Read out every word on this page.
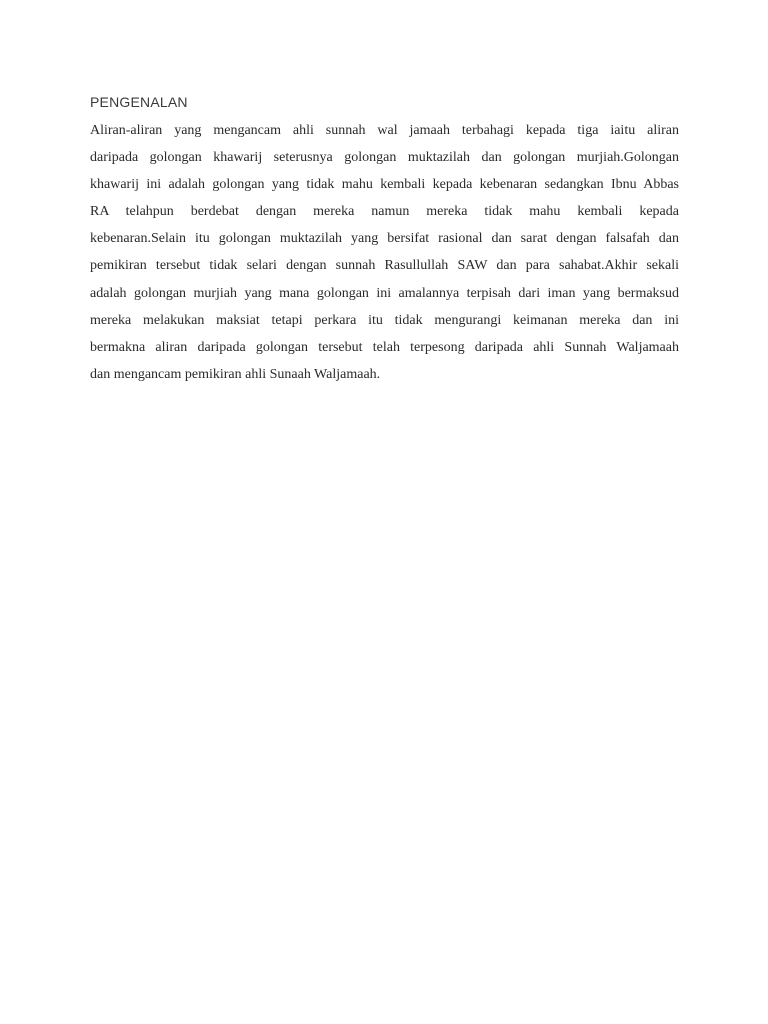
PENGENALAN
Aliran-aliran yang mengancam ahli sunnah wal jamaah terbahagi kepada tiga iaitu aliran
daripada golongan khawarij seterusnya golongan muktazilah dan golongan murjiah.Golongan
khawarij ini adalah golongan yang tidak mahu kembali kepada kebenaran sedangkan Ibnu Abbas
RA telahpun berdebat dengan mereka namun mereka tidak mahu kembali kepada
kebenaran.Selain itu golongan muktazilah yang bersifat rasional dan sarat dengan falsafah dan
pemikiran tersebut tidak selari dengan sunnah Rasullullah SAW dan para sahabat.Akhir sekali
adalah golongan murjiah yang mana golongan ini amalannya terpisah dari iman yang bermaksud
mereka melakukan maksiat tetapi perkara itu tidak mengurangi keimanan mereka dan ini
bermakna aliran daripada golongan tersebut telah terpesong daripada ahli Sunnah Waljamaah
dan mengancam pemikiran ahli Sunaah Waljamaah.
